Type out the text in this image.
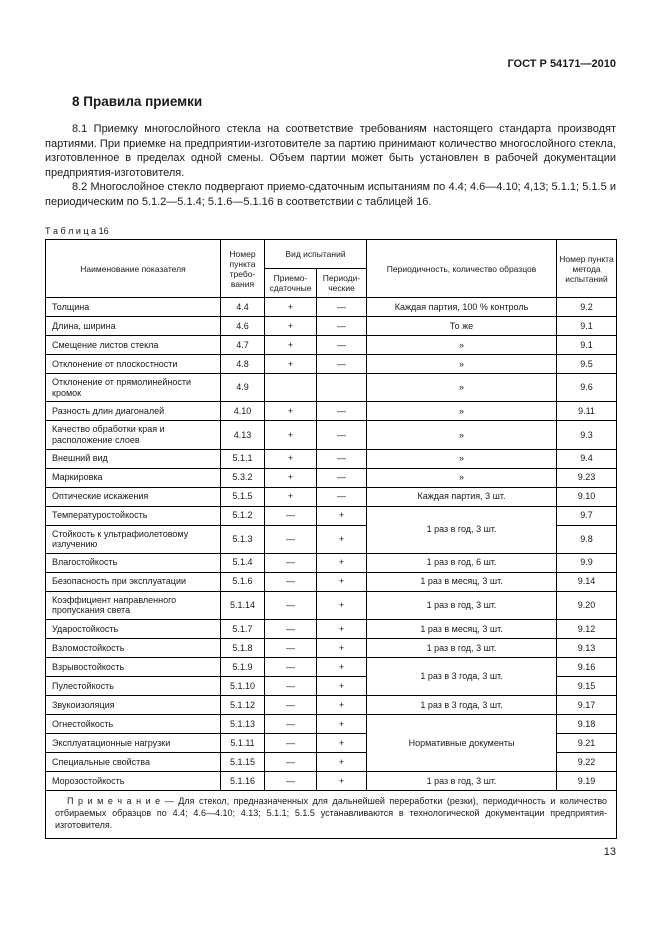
ГОСТ Р 54171—2010
8 Правила приемки
8.1 Приемку многослойного стекла на соответствие требованиям настоящего стандарта производят партиями. При приемке на предприятии-изготовителе за партию принимают количество многослойного стекла, изготовленное в пределах одной смены. Объем партии может быть установлен в рабочей документации предприятия-изготовителя.
8.2 Многослойное стекло подвергают приемо-сдаточным испытаниям по 4.4; 4.6—4.10; 4,13; 5.1.1; 5.1.5 и периодическим по 5.1.2—5.1.4; 5.1.6—5.1.16 в соответствии с таблицей 16.
Т а б л и ц а 16
Наименование показателя	Номер пункта требо-вания	Вид испытаний		Периодичность, количество образцов	Номер пункта метода испытаний
		Приемо-сдаточные	Периоди-ческие		
Толщина	4.4	+	—	Каждая партия, 100 % контроль	9.2
Длина, ширина	4.6	+	—	То же	9.1
Смещение листов стекла	4.7	+	—	»	9.1
Отклонение от плоскостности	4.8	+	—	»	9.5
Отклонение от прямолинейности кромок	4.9			»	9.6
Разность длин диагоналей	4.10	+	—	»	9.11
Качество обработки края и расположение слоев	4.13	+	—	»	9.3
Внешний вид	5.1.1	+	—	»	9.4
Маркировка	5.3.2	+	—	»	9.23
Оптические искажения	5.1.5	+	—	Каждая партия, 3 шт.	9.10
Температуростойкость	5.1.2	—	+	1 раз в год, 3 шт.	9.7
Стойкость к ультрафиолетовому излучению	5.1.3	—	+		9.8
Влагостойкость	5.1.4	—	+	1 раз в год, 6 шт.	9.9
Безопасность при эксплуатации	5.1.6	—	+	1 раз в месяц, 3 шт.	9.14
Коэффициент направленного пропускания света	5.1.14	—	+	1 раз в год, 3 шт.	9.20
Ударостойкость	5.1.7	—	+	1 раз в месяц, 3 шт.	9.12
Взломостойкость	5.1.8	—	+	1 раз в год, 3 шт.	9.13
Взрывостойкость	5.1.9	—	+	1 раз в 3 года, 3 шт.	9.16
Пулестойкость	5.1.10	—	+		9.15
Звукоизоляция	5.1.12	—	+	1 раз в 3 года, 3 шт.	9.17
Огнестойкость	5.1.13	—	+	Нормативные документы	9.18
Эксплуатационные нагрузки	5.1.11	—	+		9.21
Специальные свойства	5.1.15	—	+		9.22
Морозостойкость	5.1.16	—	+	1 раз в год, 3 шт.	9.19
П р и м е ч а н и е — Для стекол, предназначенных для дальнейшей переработки (резки), периодичность и количество отбираемых образцов по 4.4; 4.6—4.10; 4.13; 5.1.1; 5.1.5 устанавливаются в технологической документации предприятия-изготовителя.					
13
